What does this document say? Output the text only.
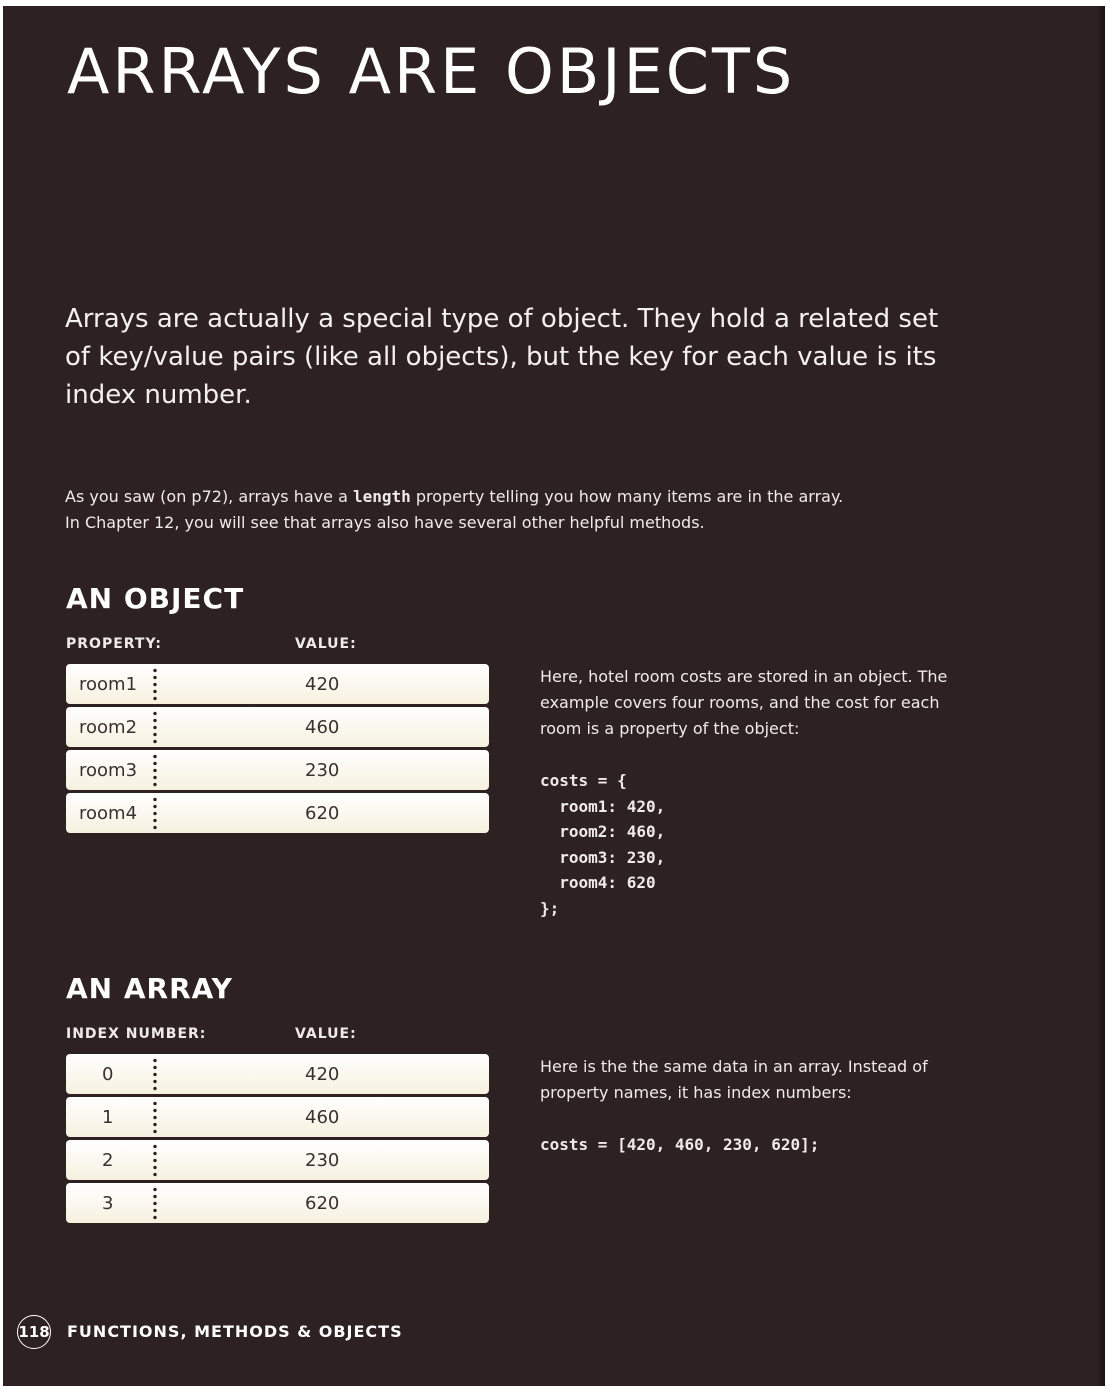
ARRAYS ARE OBJECTS

Arrays are actually a special type of object. They hold a related set of key/value pairs (like all objects), but the key for each value is its index number.

As you saw (on p72), arrays have a length property telling you how many items are in the array.
In Chapter 12, you will see that arrays also have several other helpful methods.

AN OBJECT
PROPERTY:	VALUE:
room1	420
room2	460
room3	230
room4	620

Here, hotel room costs are stored in an object. The example covers four rooms, and the cost for each room is a property of the object:

costs = {
room1: 420,
room2: 460,
room3: 230,
room4: 620
};
AN ARRAY
INDEX NUMBER:	VALUE:
0	420
1	460
2	230
3	620

Here is the the same data in an array. Instead of property names, it has index numbers:

costs = [420, 460, 230, 620];
118 FUNCTIONS, METHODS & OBJECTS
